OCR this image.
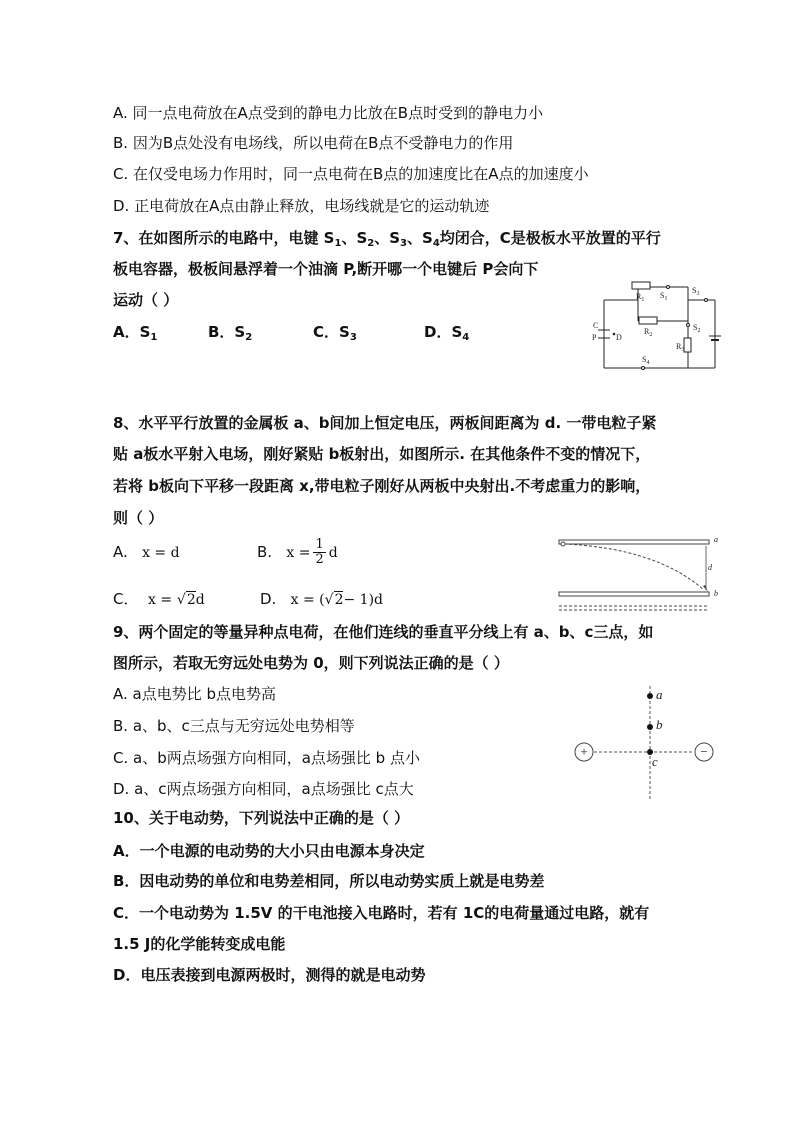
A. 同一点电荷放在A点受到的静电力比放在B点时受到的静电力小
B. 因为B点处没有电场线，所以电荷在B点不受静电力的作用
C. 在仅受电场力作用时，同一点电荷在B点的加速度比在A点的加速度小
D. 正电荷放在A点由静止释放，电场线就是它的运动轨迹
7、在如图所示的电路中，电键 $S_1$、$S_2$、$S_3$、$S_4$均闭合，C是极板水平放置的平行
板电容器，极板间悬浮着一个油滴 P,断开哪一个电键后 P会向下
运动（ ）
A．$S_1$	B．$S_2$	C．$S_3$	D．$S_4$
$R_1$ $S_1$
$S_3$
$R_2$
$S_2$
$R_3$
$S_4$
C
P D
8、水平平行放置的金属板 a、b间加上恒定电压，两板间距离为 d. 一带电粒子紧
贴 a板水平射入电场，刚好紧贴 b板射出，如图所示. 在其他条件不变的情况下，
若将 b板向下平移一段距离 x,带电粒子刚好从两板中央射出.不考虑重力的影响，
则（ ）
A. x = d	B. $x = \frac{1}{2}$ d
C． x = √2d	D. x = (√2− 1)d
a
d
b
9、两个固定的等量异种点电荷，在他们连线的垂直平分线上有 a、b、c三点，如
图所示，若取无穷远处电势为 0，则下列说法正确的是（ ）
A. a点电势比 b点电势高
B. a、b、c三点与无穷远处电势相等
C. a、b两点场强方向相同，a点场强比 b 点小
D. a、c两点场强方向相同，a点场强比 c点大
a
b
c
+	−
10、关于电动势，下列说法中正确的是（ ）
A．一个电源的电动势的大小只由电源本身决定
B．因电动势的单位和电势差相同，所以电动势实质上就是电势差
C．一个电动势为 1.5V 的干电池接入电路时，若有 1C的电荷量通过电路，就有
1.5 J的化学能转变成电能
D．电压表接到电源两极时，测得的就是电动势
